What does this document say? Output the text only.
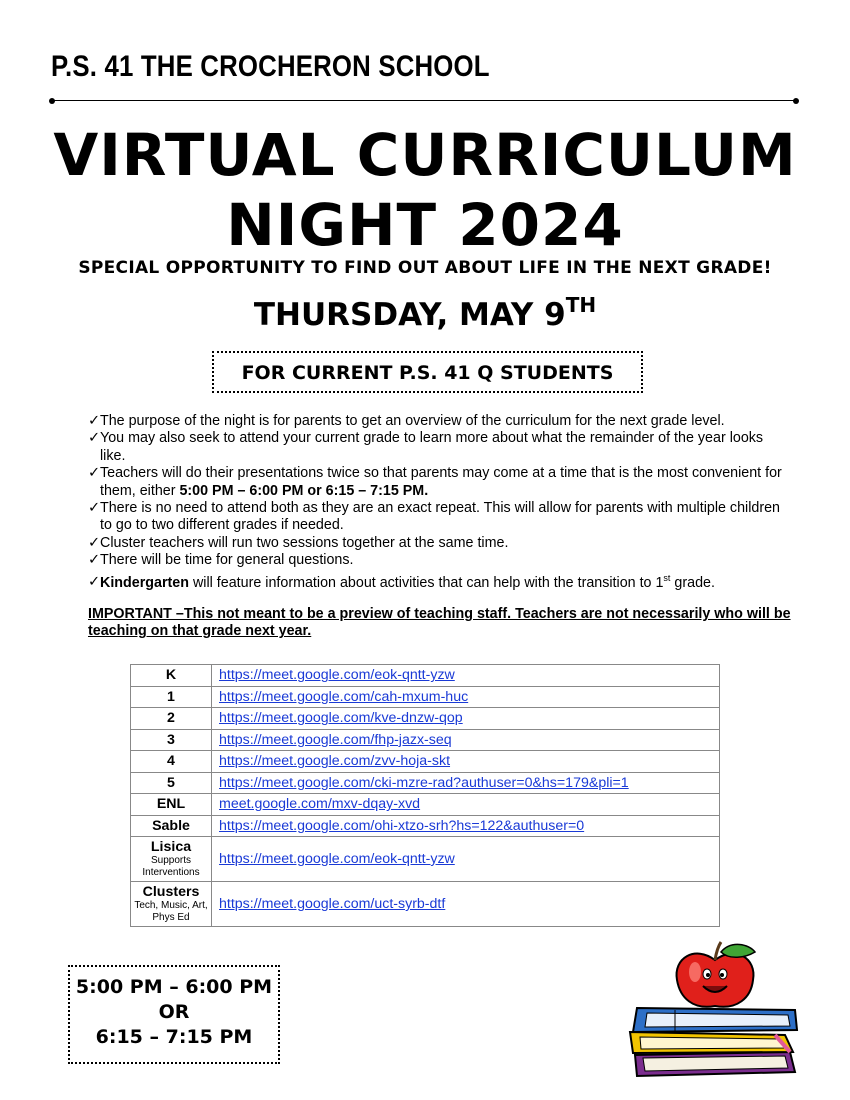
P.S. 41 THE CROCHERON SCHOOL
VIRTUAL CURRICULUM
NIGHT 2024
SPECIAL OPPORTUNITY TO FIND OUT ABOUT LIFE IN THE NEXT GRADE!
THURSDAY, MAY 9TH
FOR CURRENT P.S. 41 Q STUDENTS
✓The purpose of the night is for parents to get an overview of the curriculum for the next grade level.
✓You may also seek to attend your current grade to learn more about what the remainder of the year looks like.
✓Teachers will do their presentations twice so that parents may come at a time that is the most convenient for them, either 5:00 PM – 6:00 PM or 6:15 – 7:15 PM.
✓There is no need to attend both as they are an exact repeat. This will allow for parents with multiple children to go to two different grades if needed.
✓Cluster teachers will run two sessions together at the same time.
✓There will be time for general questions.
✓Kindergarten will feature information about activities that can help with the transition to 1st grade.
IMPORTANT –This not meant to be a preview of teaching staff. Teachers are not necessarily who will be teaching on that grade next year.
K	https://meet.google.com/eok-qntt-yzw
1	https://meet.google.com/cah-mxum-huc
2	https://meet.google.com/kve-dnzw-qop
3	https://meet.google.com/fhp-jazx-seq
4	https://meet.google.com/zvv-hoja-skt
5	https://meet.google.com/cki-mzre-rad?authuser=0&hs=179&pli=1
ENL	meet.google.com/mxv-dqay-xvd
Sable	https://meet.google.com/ohi-xtzo-srh?hs=122&authuser=0

Lisica
Supports Interventions	https://meet.google.com/eok-qntt-yzw

Clusters
Tech, Music, Art, Phys Ed	https://meet.google.com/uct-syrb-dtf
5:00 PM – 6:00 PM
OR
6:15 – 7:15 PM
